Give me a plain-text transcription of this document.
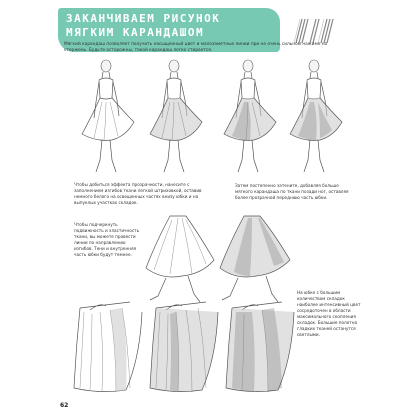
ЗАКАНЧИВАЕМ РИСУНОК
МЯГКИМ КАРАНДАШОМ
Мягкий карандаш позволяет получить насыщенный цвет и малозаметные линии при не очень сильном нажиме на стержень. Будьте осторожны, такой карандаш легко стирается.
Чтобы добиться эффекта прозрачности, нанесите с заполнением изгибов ткани легкой штриховкой, оставив немного белого на освещенных частях внизу юбки и на выпуклых участках складок.
Затем постепенно затените, добавляя больше мягкого карандаша по ткани позади ног, оставляя более прозрачной переднюю часть юбки.
Чтобы подчеркнуть подвижность и эластичность ткани, вы можете провести линии по направлению изгибов. Тени и внутренняя часть юбки будут темнее.
На юбке с большим количеством складок наиболее интенсивный цвет сосредоточен в области максимального скопления складок. Большие полотна гладких тканей останутся светлыми.
62
